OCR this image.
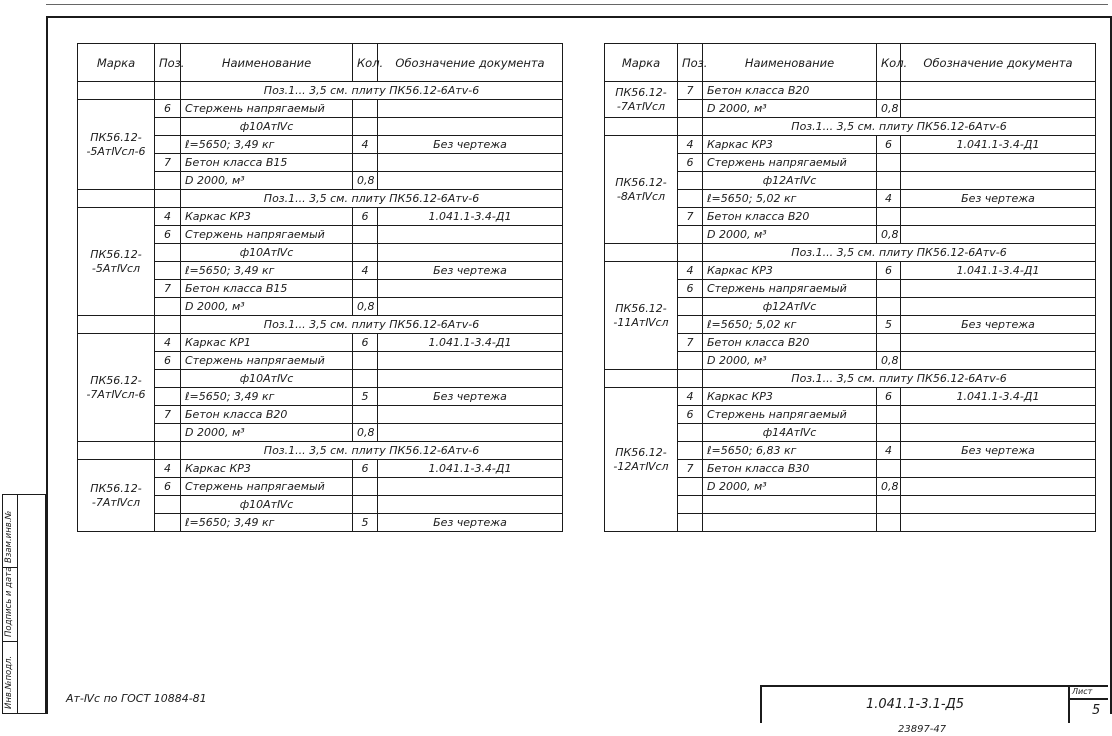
Инв.№подл.
Подпись и дата
Взам.инв.№
Марка	Поз.	Наименование	Кол.	Обозначение документа
		Поз.1... 3,5 см. плиту ПК56.12-6Атⅴ-6		
ПК56.12- -5АтⅣсл-6	6	Стержень напрягаемый		
		ф10АтⅣс		
		ℓ=5650; 3,49 кг	4	Без чертежа
	7	Бетон класса В15		
		D 2000, м³	0,8	
		Поз.1... 3,5 см. плиту ПК56.12-6Атⅴ-6		
ПК56.12- -5АтⅣсл	4	Каркас КР3	6	1.041.1-3.4-Д1
	6	Стержень напрягаемый		
		ф10АтⅣс		
		ℓ=5650; 3,49 кг	4	Без чертежа
	7	Бетон класса В15		
		D 2000, м³	0,8	
		Поз.1... 3,5 см. плиту ПК56.12-6Атⅴ-6		
ПК56.12- -7АтⅣсл-6	4	Каркас КР1	6	1.041.1-3.4-Д1
	6	Стержень напрягаемый		
		ф10АтⅣс		
		ℓ=5650; 3,49 кг	5	Без чертежа
	7	Бетон класса В20		
		D 2000, м³	0,8	
		Поз.1... 3,5 см. плиту ПК56.12-6Атⅴ-6		
ПК56.12- -7АтⅣсл	4	Каркас КР3	6	1.041.1-3.4-Д1
	6	Стержень напрягаемый		
		ф10АтⅣс		
		ℓ=5650; 3,49 кг	5	Без чертежа
Марка	Поз.	Наименование	Кол.	Обозначение документа
ПК56.12- -7АтⅣсл	7	Бетон класса В20		
		D 2000, м³	0,8	
		Поз.1... 3,5 см. плиту ПК56.12-6Атⅴ-6		
ПК56.12- -8АтⅣсл	4	Каркас КР3	6	1.041.1-3.4-Д1
	6	Стержень напрягаемый		
		ф12АтⅣс		
		ℓ=5650; 5,02 кг	4	Без чертежа
	7	Бетон класса В20		
		D 2000, м³	0,8	
		Поз.1... 3,5 см. плиту ПК56.12-6Атⅴ-6		
ПК56.12- -11АтⅣсл	4	Каркас КР3	6	1.041.1-3.4-Д1
	6	Стержень напрягаемый		
		ф12АтⅣс		
		ℓ=5650; 5,02 кг	5	Без чертежа
	7	Бетон класса В20		
		D 2000, м³	0,8	
		Поз.1... 3,5 см. плиту ПК56.12-6Атⅴ-6		
ПК56.12- -12АтⅣсл	4	Каркас КР3	6	1.041.1-3.4-Д1
	6	Стержень напрягаемый		
		ф14АтⅣс		
		ℓ=5650; 6,83 кг	4	Без чертежа
	7	Бетон класса В30		
		D 2000, м³	0,8	

Ат-Ⅳс по ГОСТ 10884-81	1.041.1-3.1-Д5
Лист
5
23897-47
